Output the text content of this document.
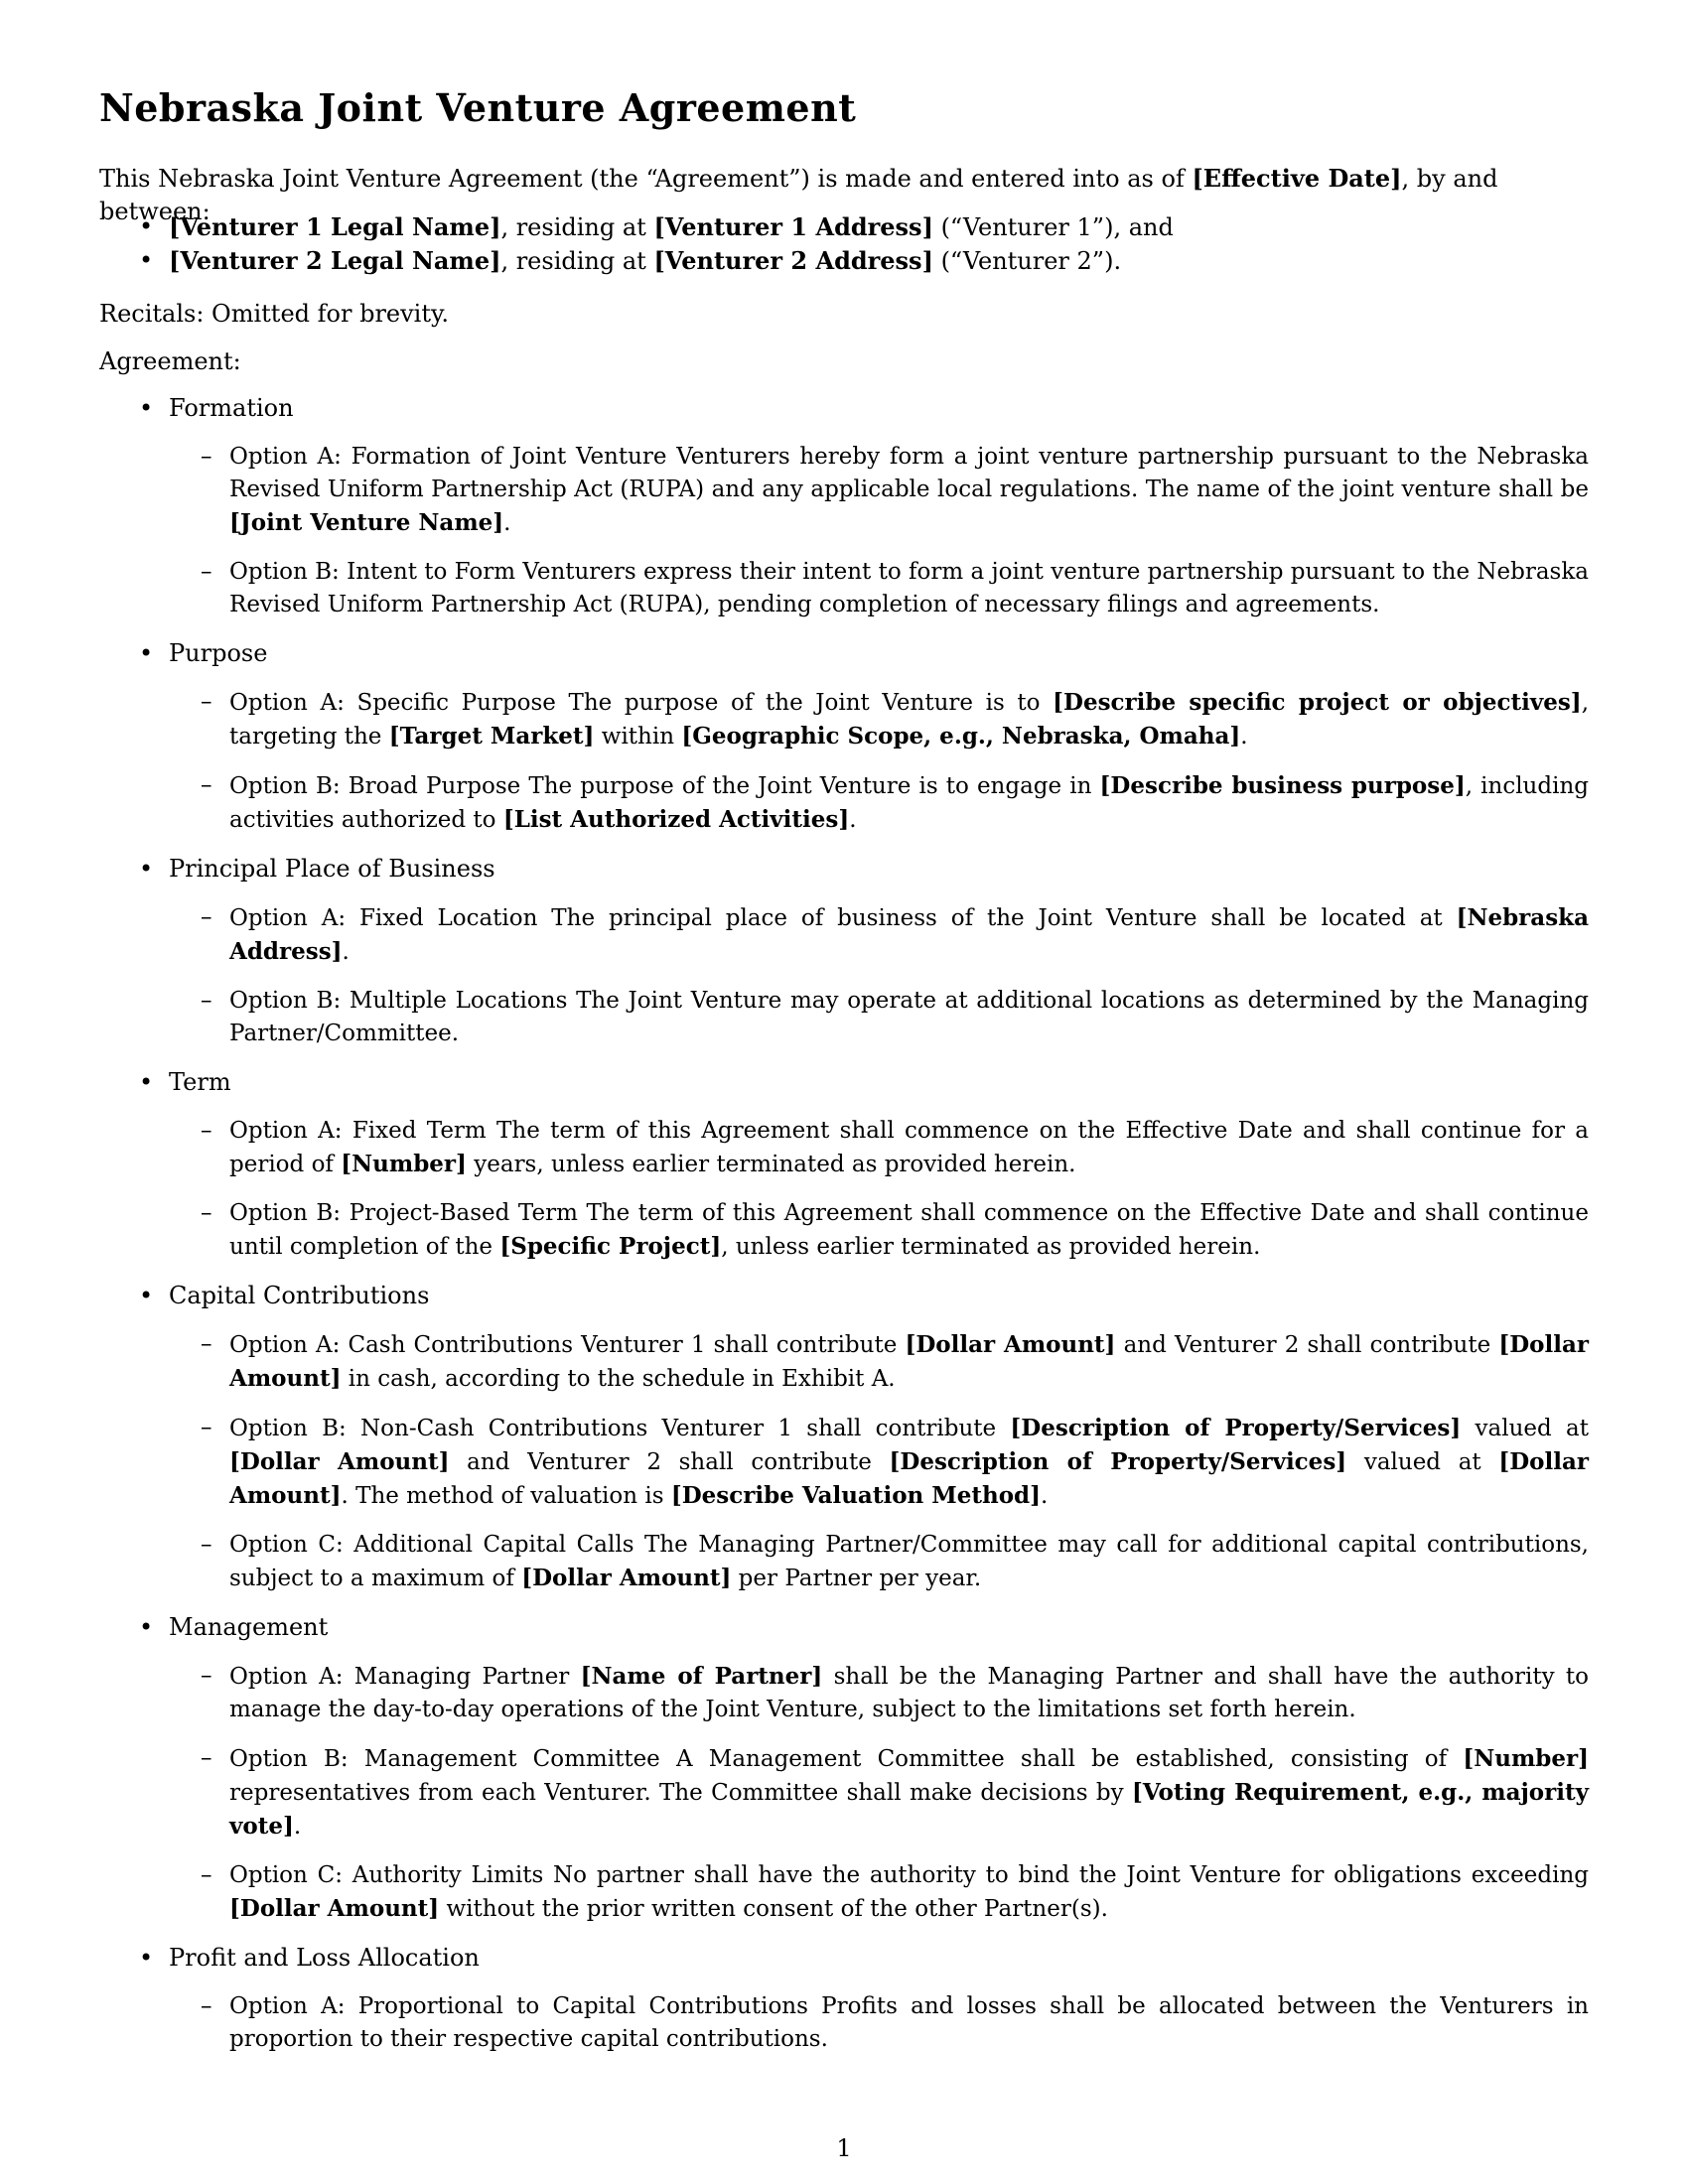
Nebraska Joint Venture Agreement

This Nebraska Joint Venture Agreement (the “Agreement”) is made and entered into as of [Effective Date], by and between:

• [Venturer 1 Legal Name], residing at [Venturer 1 Address] (“Venturer 1”), and
• [Venturer 2 Legal Name], residing at [Venturer 2 Address] (“Venturer 2”).

Recitals: Omitted for brevity.

Agreement:

• Formation
– Option A: Formation of Joint Venture Venturers hereby form a joint venture partnership pursuant to the Nebraska Revised Uniform Partnership Act (RUPA) and any applicable local regulations. The name of the joint venture shall be [Joint Venture Name].
– Option B: Intent to Form Venturers express their intent to form a joint venture partnership pursuant to the Nebraska Revised Uniform Partnership Act (RUPA), pending completion of necessary filings and agreements.
• Purpose
– Option A: Specific Purpose The purpose of the Joint Venture is to [Describe specific project or objectives], targeting the [Target Market] within [Geographic Scope, e.g., Nebraska, Omaha].
– Option B: Broad Purpose The purpose of the Joint Venture is to engage in [Describe business purpose], including activities authorized to [List Authorized Activities].
• Principal Place of Business
– Option A: Fixed Location The principal place of business of the Joint Venture shall be located at [Nebraska Address].
– Option B: Multiple Locations The Joint Venture may operate at additional locations as determined by the Managing Partner/Committee.
• Term
– Option A: Fixed Term The term of this Agreement shall commence on the Effective Date and shall continue for a period of [Number] years, unless earlier terminated as provided herein.
– Option B: Project-Based Term The term of this Agreement shall commence on the Effective Date and shall continue until completion of the [Specific Project], unless earlier terminated as provided herein.
• Capital Contributions
– Option A: Cash Contributions Venturer 1 shall contribute [Dollar Amount] and Venturer 2 shall contribute [Dollar Amount] in cash, according to the schedule in Exhibit A.
– Option B: Non-Cash Contributions Venturer 1 shall contribute [Description of Property/Services] valued at [Dollar Amount] and Venturer 2 shall contribute [Description of Property/Services] valued at [Dollar Amount]. The method of valuation is [Describe Valuation Method].
– Option C: Additional Capital Calls The Managing Partner/Committee may call for additional capital contributions, subject to a maximum of [Dollar Amount] per Partner per year.
• Management
– Option A: Managing Partner [Name of Partner] shall be the Managing Partner and shall have the authority to manage the day-to-day operations of the Joint Venture, subject to the limitations set forth herein.
– Option B: Management Committee A Management Committee shall be established, consisting of [Number] representatives from each Venturer. The Committee shall make decisions by [Voting Requirement, e.g., majority vote].
– Option C: Authority Limits No partner shall have the authority to bind the Joint Venture for obligations exceeding [Dollar Amount] without the prior written consent of the other Partner(s).
• Profit and Loss Allocation
– Option A: Proportional to Capital Contributions Profits and losses shall be allocated between the Venturers in proportion to their respective capital contributions.
1
